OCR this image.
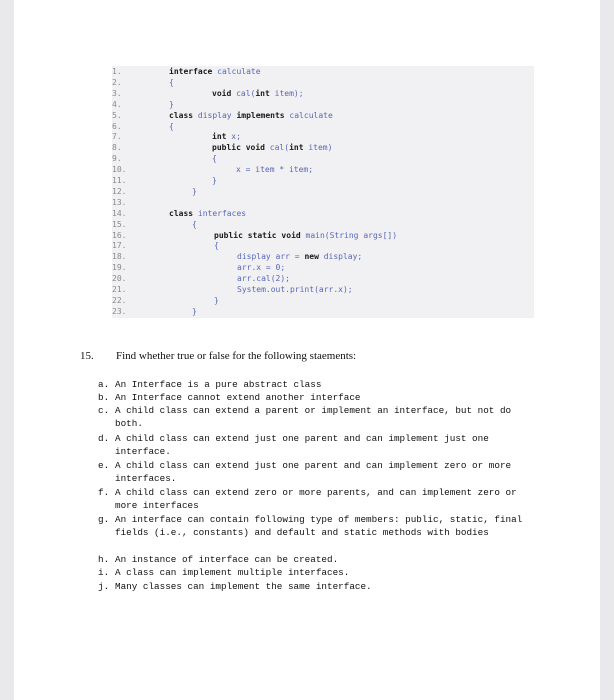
1.	interface calculate
2.	{
3.	void cal(int item);
4.	}
5.	class display implements calculate
6.	{
7.	int x;
8.	public void cal(int item)
9.	{
10.	x = item * item;
11.	}
12.	}
13.
14.	class interfaces
15.	{
16.	public static void main(String args[])
17.	{
18.	display arr = new display;
19.	arr.x = 0;
20.	arr.cal(2);
21.	System.out.print(arr.x);
22.	}
23.	}
15. Find whether true or false for the following staements:
a. An Interface is a pure abstract class
b. An Interface cannot extend another interface
c. A child class can extend a parent or implement an interface, but not do both.
d. A child class can extend just one parent and can implement just one interface.
e. A child class can extend just one parent and can implement zero or more interfaces.
f. A child class can extend zero or more parents, and can implement zero or more interfaces
g. An interface can contain following type of members: public, static, final fields (i.e., constants) and default and static methods with bodies
h. An instance of interface can be created.
i. A class can implement multiple interfaces.
j. Many classes can implement the same interface.
